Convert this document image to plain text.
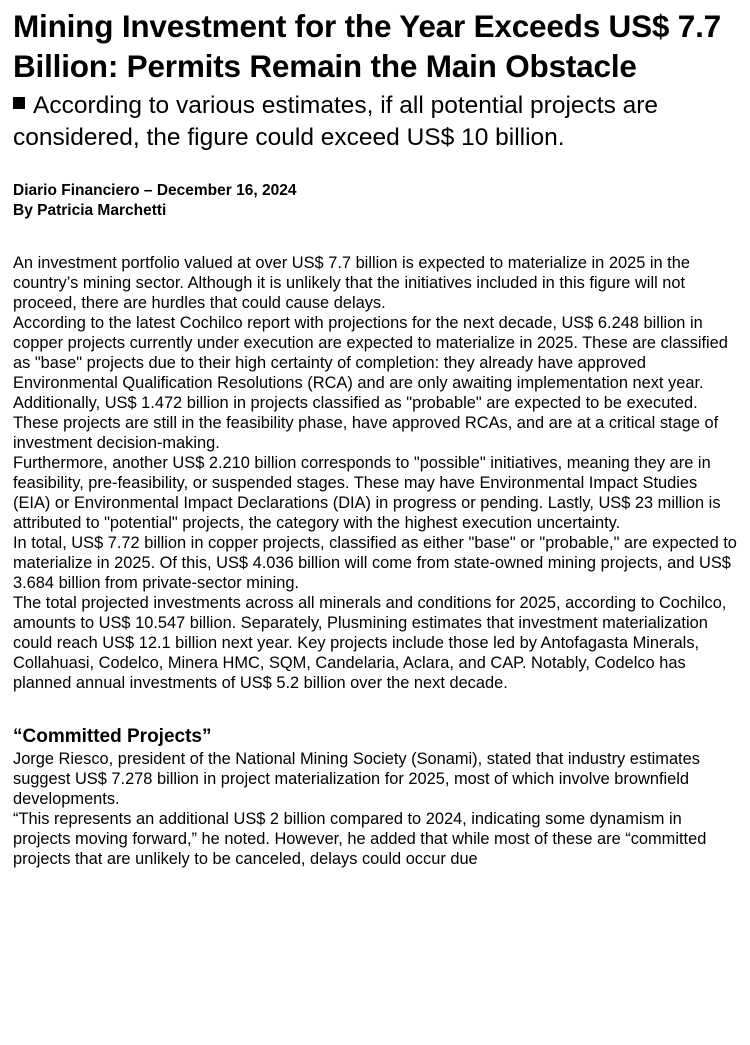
Mining Investment for the Year Exceeds US$ 7.7 Billion: Permits Remain the Main Obstacle
According to various estimates, if all potential projects are considered, the figure could exceed US$ 10 billion.
Diario Financiero – December 16, 2024
By Patricia Marchetti

An investment portfolio valued at over US$ 7.7 billion is expected to materialize in 2025 in the country’s mining sector. Although it is unlikely that the initiatives included in this figure will not proceed, there are hurdles that could cause delays.

According to the latest Cochilco report with projections for the next decade, US$ 6.248 billion in copper projects currently under execution are expected to materialize in 2025. These are classified as "base" projects due to their high certainty of completion: they already have approved Environmental Qualification Resolutions (RCA) and are only awaiting implementation next year.

Additionally, US$ 1.472 billion in projects classified as "probable" are expected to be executed. These projects are still in the feasibility phase, have approved RCAs, and are at a critical stage of investment decision-making.

Furthermore, another US$ 2.210 billion corresponds to "possible" initiatives, meaning they are in feasibility, pre-feasibility, or suspended stages. These may have Environmental Impact Studies (EIA) or Environmental Impact Declarations (DIA) in progress or pending. Lastly, US$ 23 million is attributed to "potential" projects, the category with the highest execution uncertainty.

In total, US$ 7.72 billion in copper projects, classified as either "base" or "probable," are expected to materialize in 2025. Of this, US$ 4.036 billion will come from state-owned mining projects, and US$ 3.684 billion from private-sector mining.

The total projected investments across all minerals and conditions for 2025, according to Cochilco, amounts to US$ 10.547 billion. Separately, Plusmining estimates that investment materialization could reach US$ 12.1 billion next year. Key projects include those led by Antofagasta Minerals, Collahuasi, Codelco, Minera HMC, SQM, Candelaria, Aclara, and CAP. Notably, Codelco has planned annual investments of US$ 5.2 billion over the next decade.

“Committed Projects”

Jorge Riesco, president of the National Mining Society (Sonami), stated that industry estimates suggest US$ 7.278 billion in project materialization for 2025, most of which involve brownfield developments.

“This represents an additional US$ 2 billion compared to 2024, indicating some dynamism in projects moving forward,” he noted. However, he added that while most of these are “committed projects that are unlikely to be canceled, delays could occur due
